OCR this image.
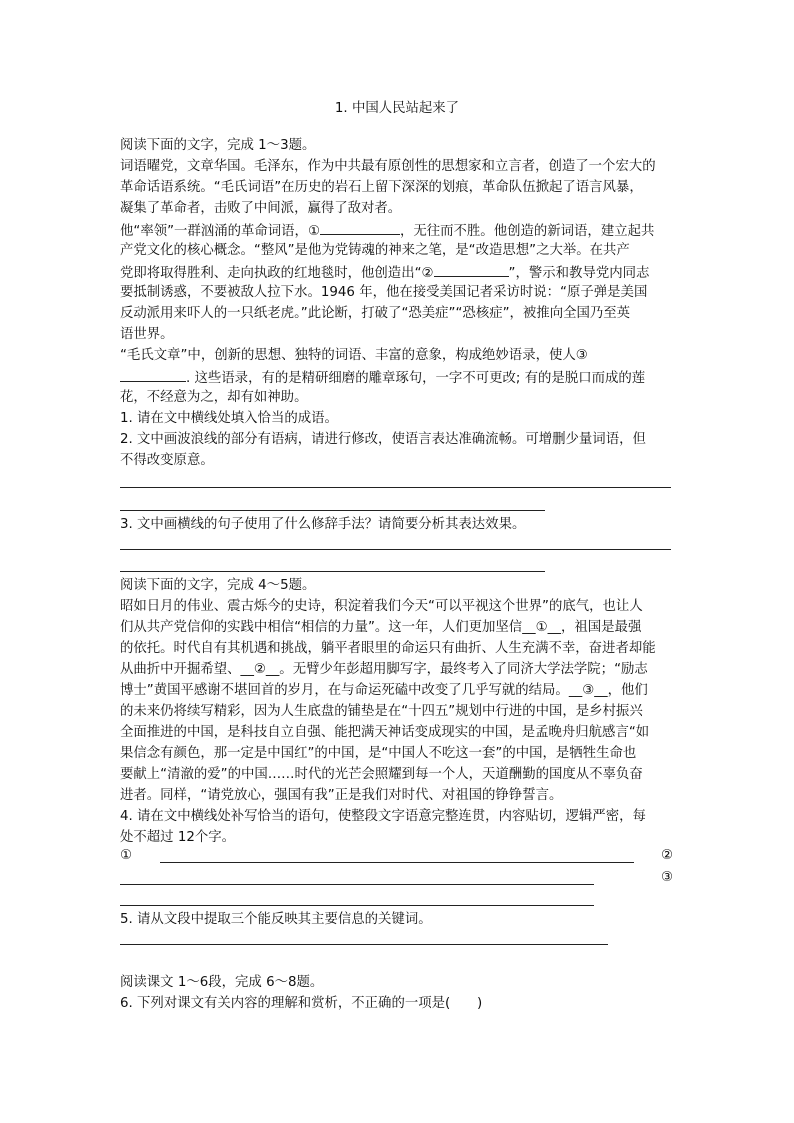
1. 中国人民站起来了
阅读下面的文字，完成 1～3题。
词语曜党，文章华国。毛泽东，作为中共最有原创性的思想家和立言者，创造了一个宏大的
革命话语系统。“毛氏词语”在历史的岩石上留下深深的划痕，革命队伍掀起了语言风暴，
凝集了革命者，击败了中间派，赢得了敌对者。
他“率领”一群汹涌的革命词语，①	，无往而不胜。他创造的新词语，建立起共
产党文化的核心概念。“整风”是他为党铸魂的神来之笔，是“改造思想”之大举。在共产
党即将取得胜利、走向执政的红地毯时，他创造出“②	”，警示和教导党内同志
要抵制诱惑，不要被敌人拉下水。1946 年，他在接受美国记者采访时说：“原子弹是美国
反动派用来吓人的一只纸老虎。”此论断，打破了“恐美症”“恐核症”，被推向全国乃至英
语世界。
“毛氏文章”中，创新的思想、独特的词语、丰富的意象，构成绝妙语录，使人③
. 这些语录，有的是精研细磨的雕章琢句，一字不可更改; 有的是脱口而成的莲
花，不经意为之，却有如神助。
1. 请在文中横线处填入恰当的成语。
2. 文中画波浪线的部分有语病，请进行修改，使语言表达准确流畅。可增删少量词语，但
不得改变原意。
3. 文中画横线的句子使用了什么修辞手法？请简要分析其表达效果。
阅读下面的文字，完成 4～5题。
昭如日月的伟业、震古烁今的史诗，积淀着我们今天“可以平视这个世界”的底气，也让人
们从共产党信仰的实践中相信“相信的力量”。这一年，人们更加坚信__①__，祖国是最强
的依托。时代自有其机遇和挑战，躺平者眼里的命运只有曲折、人生充满不幸，奋进者却能
从曲折中开掘希望、__②__。无臂少年彭超用脚写字，最终考入了同济大学法学院；“励志
博士”黄国平感谢不堪回首的岁月，在与命运死磕中改变了几乎写就的结局。__③__，他们
的未来仍将续写精彩，因为人生底盘的铺垫是在“十四五”规划中行进的中国，是乡村振兴
全面推进的中国，是科技自立自强、能把满天神话变成现实的中国，是孟晚舟归航感言“如
果信念有颜色，那一定是中国红”的中国，是“中国人不吃这一套”的中国，是牺牲生命也
要献上“清澈的爱”的中国……时代的光芒会照耀到每一个人，天道酬勤的国度从不辜负奋
进者。同样，“请党放心，强国有我”正是我们对时代、对祖国的铮铮誓言。
4. 请在文中横线处补写恰当的语句，使整段文字语意完整连贯，内容贴切，逻辑严密，每
处不超过 12个字。
①	②
③
5. 请从文段中提取三个能反映其主要信息的关键词。
阅读课文 1～6段，完成 6～8题。
6. 下列对课文有关内容的理解和赏析，不正确的一项是(　　)
